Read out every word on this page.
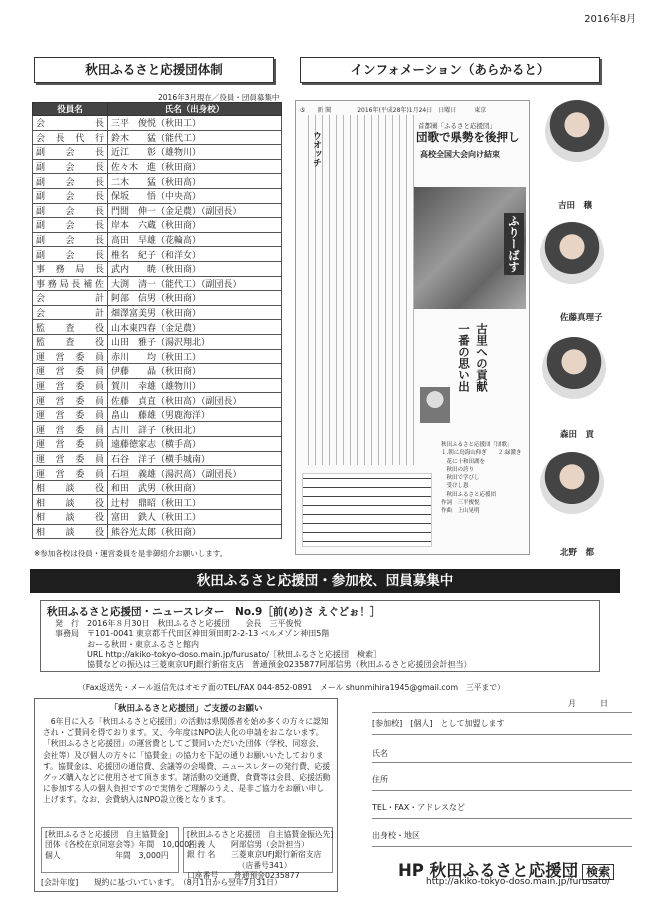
2016年8月
秋田ふるさと応援団体制	インフォメーション（あらかると）
2016年3月現在／役員・団員募集中
役員名	氏名（出身校）
会長	三平　俊悦（秋田工）
会長代行	鈴木　　猛（能代工）
副会長	近江　　彰（雄物川）
副会長	佐々木　進（秋田商）
副会長	二木　　猛（秋田高）
副会長	保坂　　悟（中央高）
副会長	門間　伸一（金足農）（副団長）
副会長	岸本　六蔵（秋田商）
副会長	高田　早雄（花輪高）
副会長	椎名　紀子（和洋女）
事務局長	武内　　暁（秋田商）
事務局長補佐	大渕　清一（能代工）（副団長）
会計	阿部　信男（秋田商）
会計	畑澤富美男（秋田商）
監査役	山本東四春（金足農）
監査役	山田　雅子（湯沢翔北）
運営委員	赤川　　均（秋田工）
運営委員	伊藤　　晶（秋田商）
運営委員	賀川　幸雄（雄物川）
運営委員	佐藤　貞直（秋田高）（副団長）
運営委員	畠山　藤雄（男鹿海洋）
運営委員	古川　詳子（秋田北）
運営委員	遠藤徳家志（横手高）
運営委員	石谷　洋子（横手城南）
運営委員	石垣　義雄（湯沢高）（副団長）
相談役	和田　武男（秋田商）
相談役	辻村　鼎昭（秋田工）
相談役	富田　鉄人（秋田工）
相談役	熊谷光太郎（秋田商）
※参加各校は役員・運営委員を是非御紹介お願いします。
⑤　　新 聞 　　　　2016年(平成28年)1月24日　日曜日　　　東京
ウオッチ
首都圏「ふるさと応援団」
団歌で県勢を後押し
高校全国大会向け結束
ふりーばす
古里への貢献
一番の思い出
秋田ふるさと応援団「団歌」
１.朝に鳥海山仰ぎ　　２.緑濃き
　花に十和田湖を
　秋田の誇り
　秋田で学びし
　受けし恩
　秋田ふるさと応援団
作詞　三平俊悦
作曲　上山晃明
吉田　穣
佐藤真理子
森田　貢
北野　都
秋田ふるさと応援団・参加校、団員募集中
秋田ふるさと応援団・ニュースレター　No.9［前(め)さ えぐどぉ！］
発　行　2016年８月30日　秋田ふるさと応援団　　会長　三平俊悦
事務局　〒101-0041 東京都千代田区神田須田町2-2-13 ベルメゾン神田5階
　　　　おーる秋田・東京ふるさと館内
　　　　URL http://akiko-tokyo-doso.main.jp/furusato/［秋田ふるさと応援団　検索］
　　　　協賛などの振込は三菱東京UFJ銀行新宿支店　普通預金0235877阿部信男（秋田ふるさと応援団会計担当）
（Fax返送先・メール返信先はオモテ面のTEL/FAX 044-852-0891　メール shunmihira1945@gmail.com　三平まで）
「秋田ふるさと応援団」ご支援のお願い
6年目に入る「秋田ふるさと応援団」の活動は県関係者を始め多くの方々に認知され・ご賛同を得ております。又、今年度はNPO法人化の申請をおこないます。「秋田ふるさと応援団」の運営費としてご賛同いただいた団体（学校、同窓会、会社等）及び個人の方々に「協賛金」の協力を下記の通りお願いいたしております。協賛金は、応援団の通信費、会議等の会場費、ニュースレターの発行費、応援グッズ購入などに使用させて頂きます。諸活動の交通費、食費等は会員、応援活動に参加する人の個人負担ですので実情をご理解のうえ、是非ご協力をお願い申し上げます。なお、会費納入はNPO設立後となります。
[秋田ふるさと応援団　自主協賛金]
団体《各校在京同窓会等》年間　10,000円
個人　　　　　　　年間　3,000円
[秋田ふるさと応援団　自主協賛金振込先]
名 義 人　　阿部信男（会計担当）
銀 行 名　　三菱東京UFJ銀行新宿支店
　　　　　　　（店番号341）
口座番号　　普通預金0235877
[会計年度]　　規約に基づいています。　（8月1日から翌年7月31日）
月　　　日
[参加校]　[個人]　として加盟します
氏名
住所
TEL・FAX・アドレスなど
出身校・地区
HP 秋田ふるさと応援団 検索
http://akiko-tokyo-doso.main.jp/furusato/
